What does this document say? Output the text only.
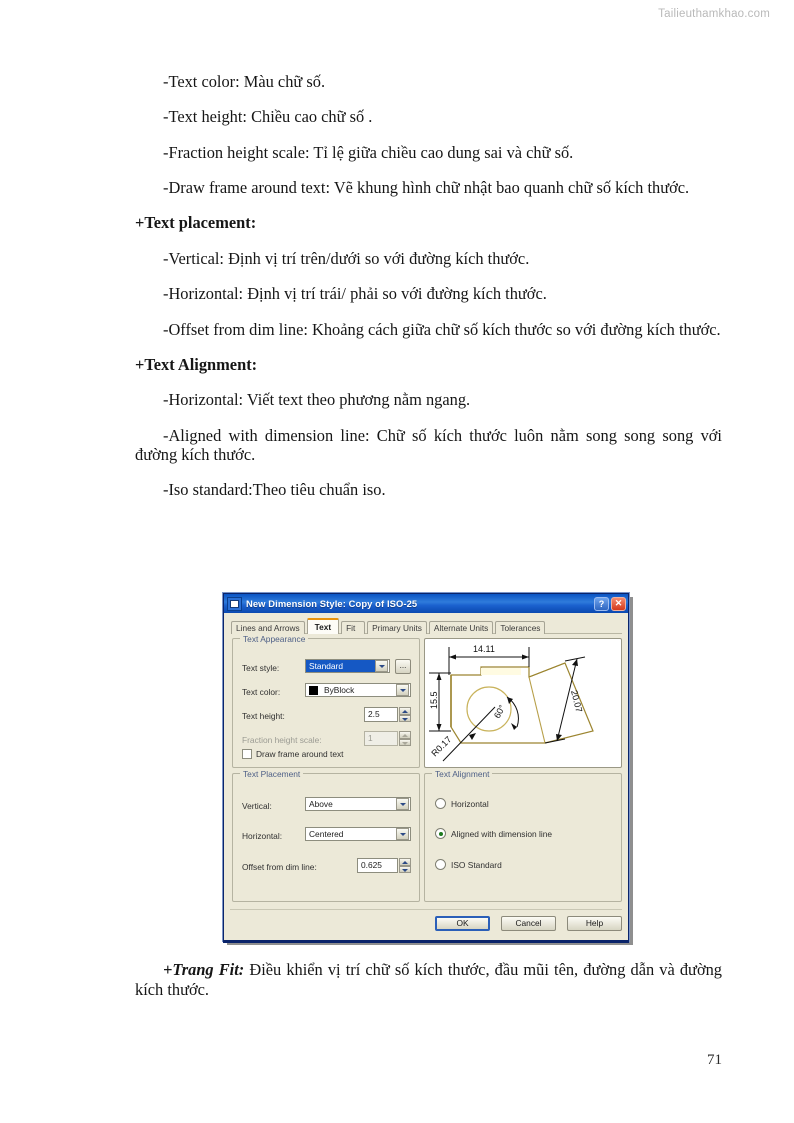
Tailieuthamkhao.com

-Text color: Màu chữ số.

-Text height: Chiều cao chữ số .

-Fraction height scale: Tỉ lệ giữa chiều cao dung sai và chữ số.

-Draw frame around text: Vẽ khung hình chữ nhật bao quanh chữ số kích thước.

+Text placement:

-Vertical: Định vị trí trên/dưới so với đường kích thước.

-Horizontal: Định vị trí trái/ phải so với đường kích thước.

-Offset from dim line: Khoảng cách giữa chữ số kích thước so với đường kích thước.

+Text Alignment:

-Horizontal: Viết text theo phương nằm ngang.

-Aligned with dimension line: Chữ số kích thước luôn nằm song song song với đường kích thước.

-Iso standard:Theo tiêu chuẩn iso.

New Dimension Style: Copy of ISO-25	?	✕
Lines and Arrows	Text	Fit	Primary Units	Alternate Units	Tolerances
Text Appearance
Text style:	Standard	...
Text color:	ByBlock
Text height:	2.5
Fraction height scale:	1
Draw frame around text
14.11
15.5
R0.17
60°	20.07
Text Placement
Vertical:	Above
Horizontal:	Centered
Offset from dim line:	0.625
Text Alignment
Horizontal
Aligned with dimension line
ISO Standard
OK	Cancel	Help

+Trang Fit: Điều khiển vị trí chữ số kích thước, đầu mũi tên, đường dẫn và đường kích thước.

71
